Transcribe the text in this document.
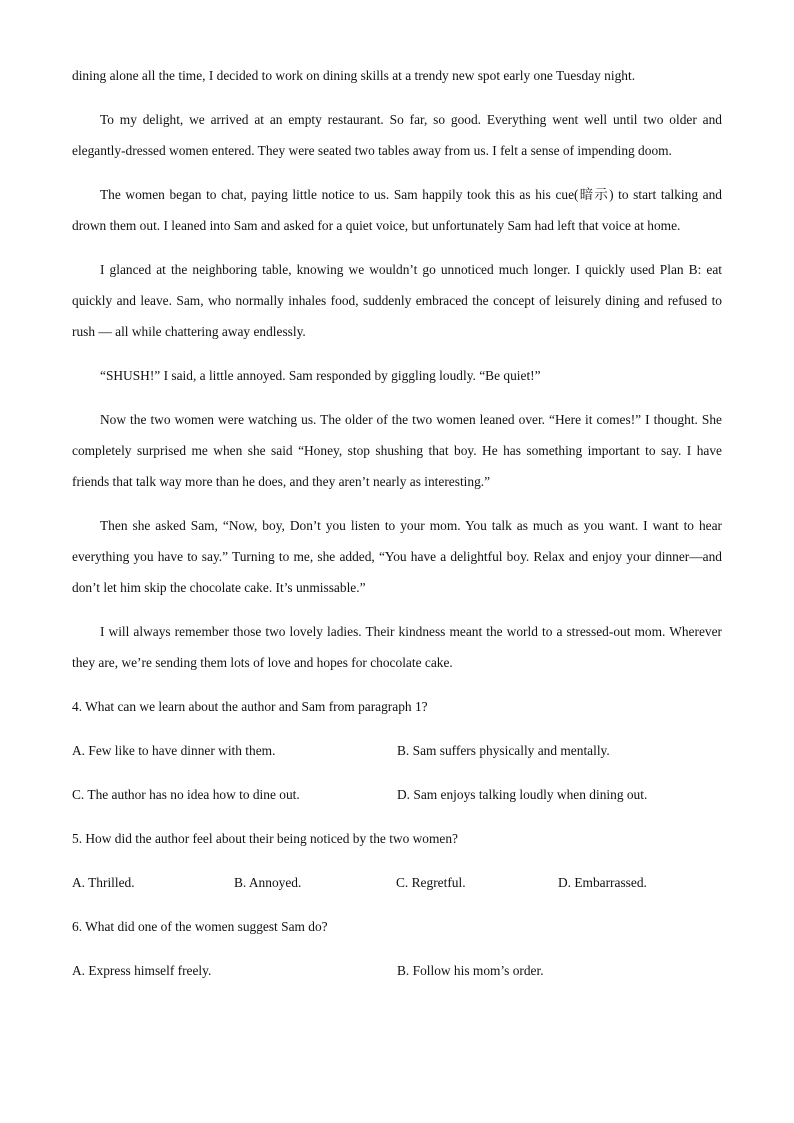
dining alone all the time, I decided to work on dining skills at a trendy new spot early one Tuesday night.

To my delight, we arrived at an empty restaurant. So far, so good. Everything went well until two older and elegantly-dressed women entered. They were seated two tables away from us. I felt a sense of impending doom.

The women began to chat, paying little notice to us. Sam happily took this as his cue(暗示) to start talking and drown them out. I leaned into Sam and asked for a quiet voice, but unfortunately Sam had left that voice at home.

I glanced at the neighboring table, knowing we wouldn’t go unnoticed much longer. I quickly used Plan B: eat quickly and leave. Sam, who normally inhales food, suddenly embraced the concept of leisurely dining and refused to rush — all while chattering away endlessly.

“SHUSH!” I said, a little annoyed. Sam responded by giggling loudly. “Be quiet!”

Now the two women were watching us. The older of the two women leaned over. “Here it comes!” I thought. She completely surprised me when she said “Honey, stop shushing that boy. He has something important to say. I have friends that talk way more than he does, and they aren’t nearly as interesting.”

Then she asked Sam, “Now, boy, Don’t you listen to your mom. You talk as much as you want. I want to hear everything you have to say.” Turning to me, she added, “You have a delightful boy. Relax and enjoy your dinner—and don’t let him skip the chocolate cake. It’s unmissable.”

I will always remember those two lovely ladies. Their kindness meant the world to a stressed-out mom. Wherever they are, we’re sending them lots of love and hopes for chocolate cake.

4. What can we learn about the author and Sam from paragraph 1?

A. Few like to have dinner with them.	B. Sam suffers physically and mentally.
C. The author has no idea how to dine out.	D. Sam enjoys talking loudly when dining out.

5. How did the author feel about their being noticed by the two women?

A. Thrilled.	B. Annoyed.	C. Regretful.	D. Embarrassed.

6. What did one of the women suggest Sam do?

A. Express himself freely.	B. Follow his mom’s order.
